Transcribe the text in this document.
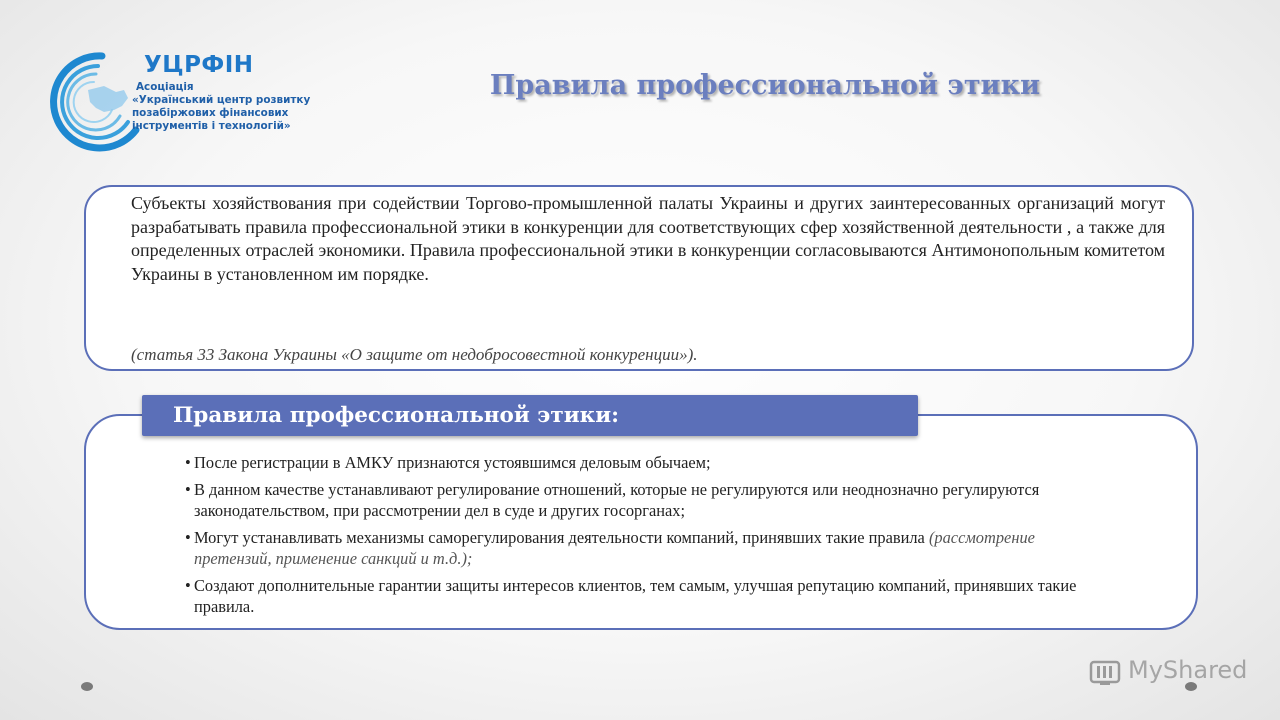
УЦРФІН
Асоціація
«Український центр розвитку
позабіржових фінансових
інструментів і технологій»
Правила профессиональной этики
Субъекты хозяйствования при содействии Торгово-промышленной палаты Украины и других заинтересованных организаций могут разрабатывать правила профессиональной этики в конкуренции для соответствующих сфер хозяйственной деятельности , а также для определенных отраслей экономики. Правила профессиональной этики в конкуренции согласовываются Антимонопольным комитетом Украины в установленном им порядке.
(статья 33 Закона Украины «О защите от недобросовестной конкуренции»).
Правила профессиональной этики:
• После регистрации в АМКУ признаются устоявшимся деловым обычаем;
• В данном качестве устанавливают регулирование отношений, которые не регулируются или неоднозначно регулируются законодательством, при рассмотрении дел в суде и других госорганах;
• Могут устанавливать механизмы саморегулирования деятельности компаний, принявших такие правила (рассмотрение претензий, применение санкций и т.д.);
• Создают дополнительные гарантии защиты интересов клиентов, тем самым, улучшая репутацию компаний, принявших такие правила.
MyShared
